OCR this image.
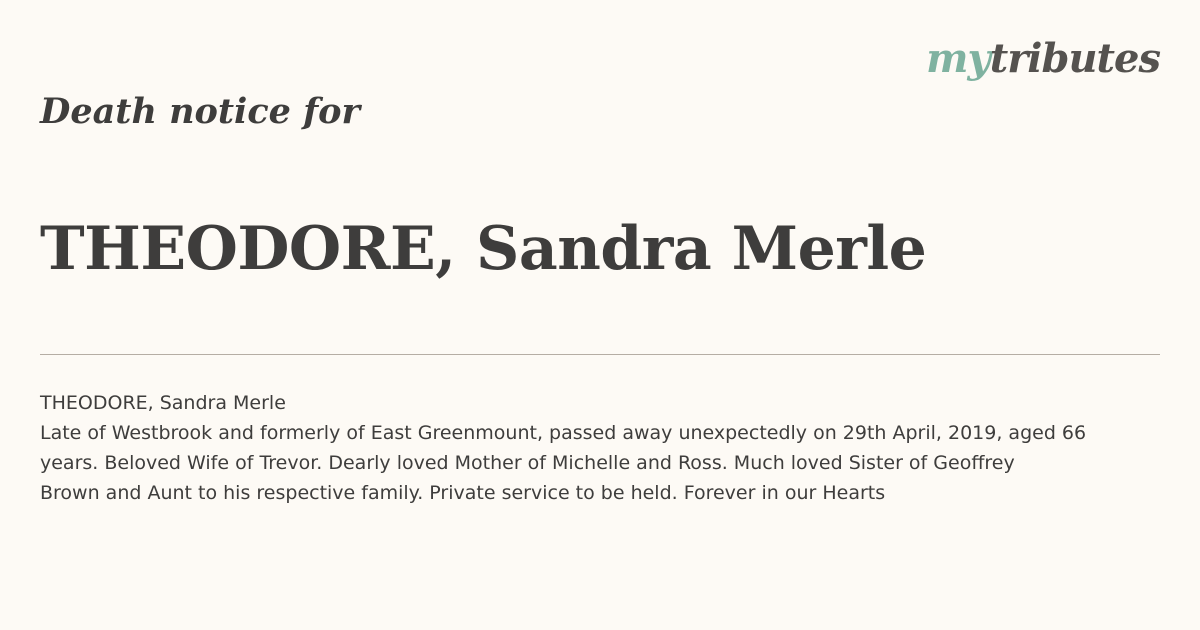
mytributes
Death notice for
THEODORE, Sandra Merle

THEODORE, Sandra Merle
Late of Westbrook and formerly of East Greenmount, passed away unexpectedly on 29th April, 2019, aged 66
years. Beloved Wife of Trevor. Dearly loved Mother of Michelle and Ross. Much loved Sister of Geoffrey
Brown and Aunt to his respective family. Private service to be held. Forever in our Hearts
